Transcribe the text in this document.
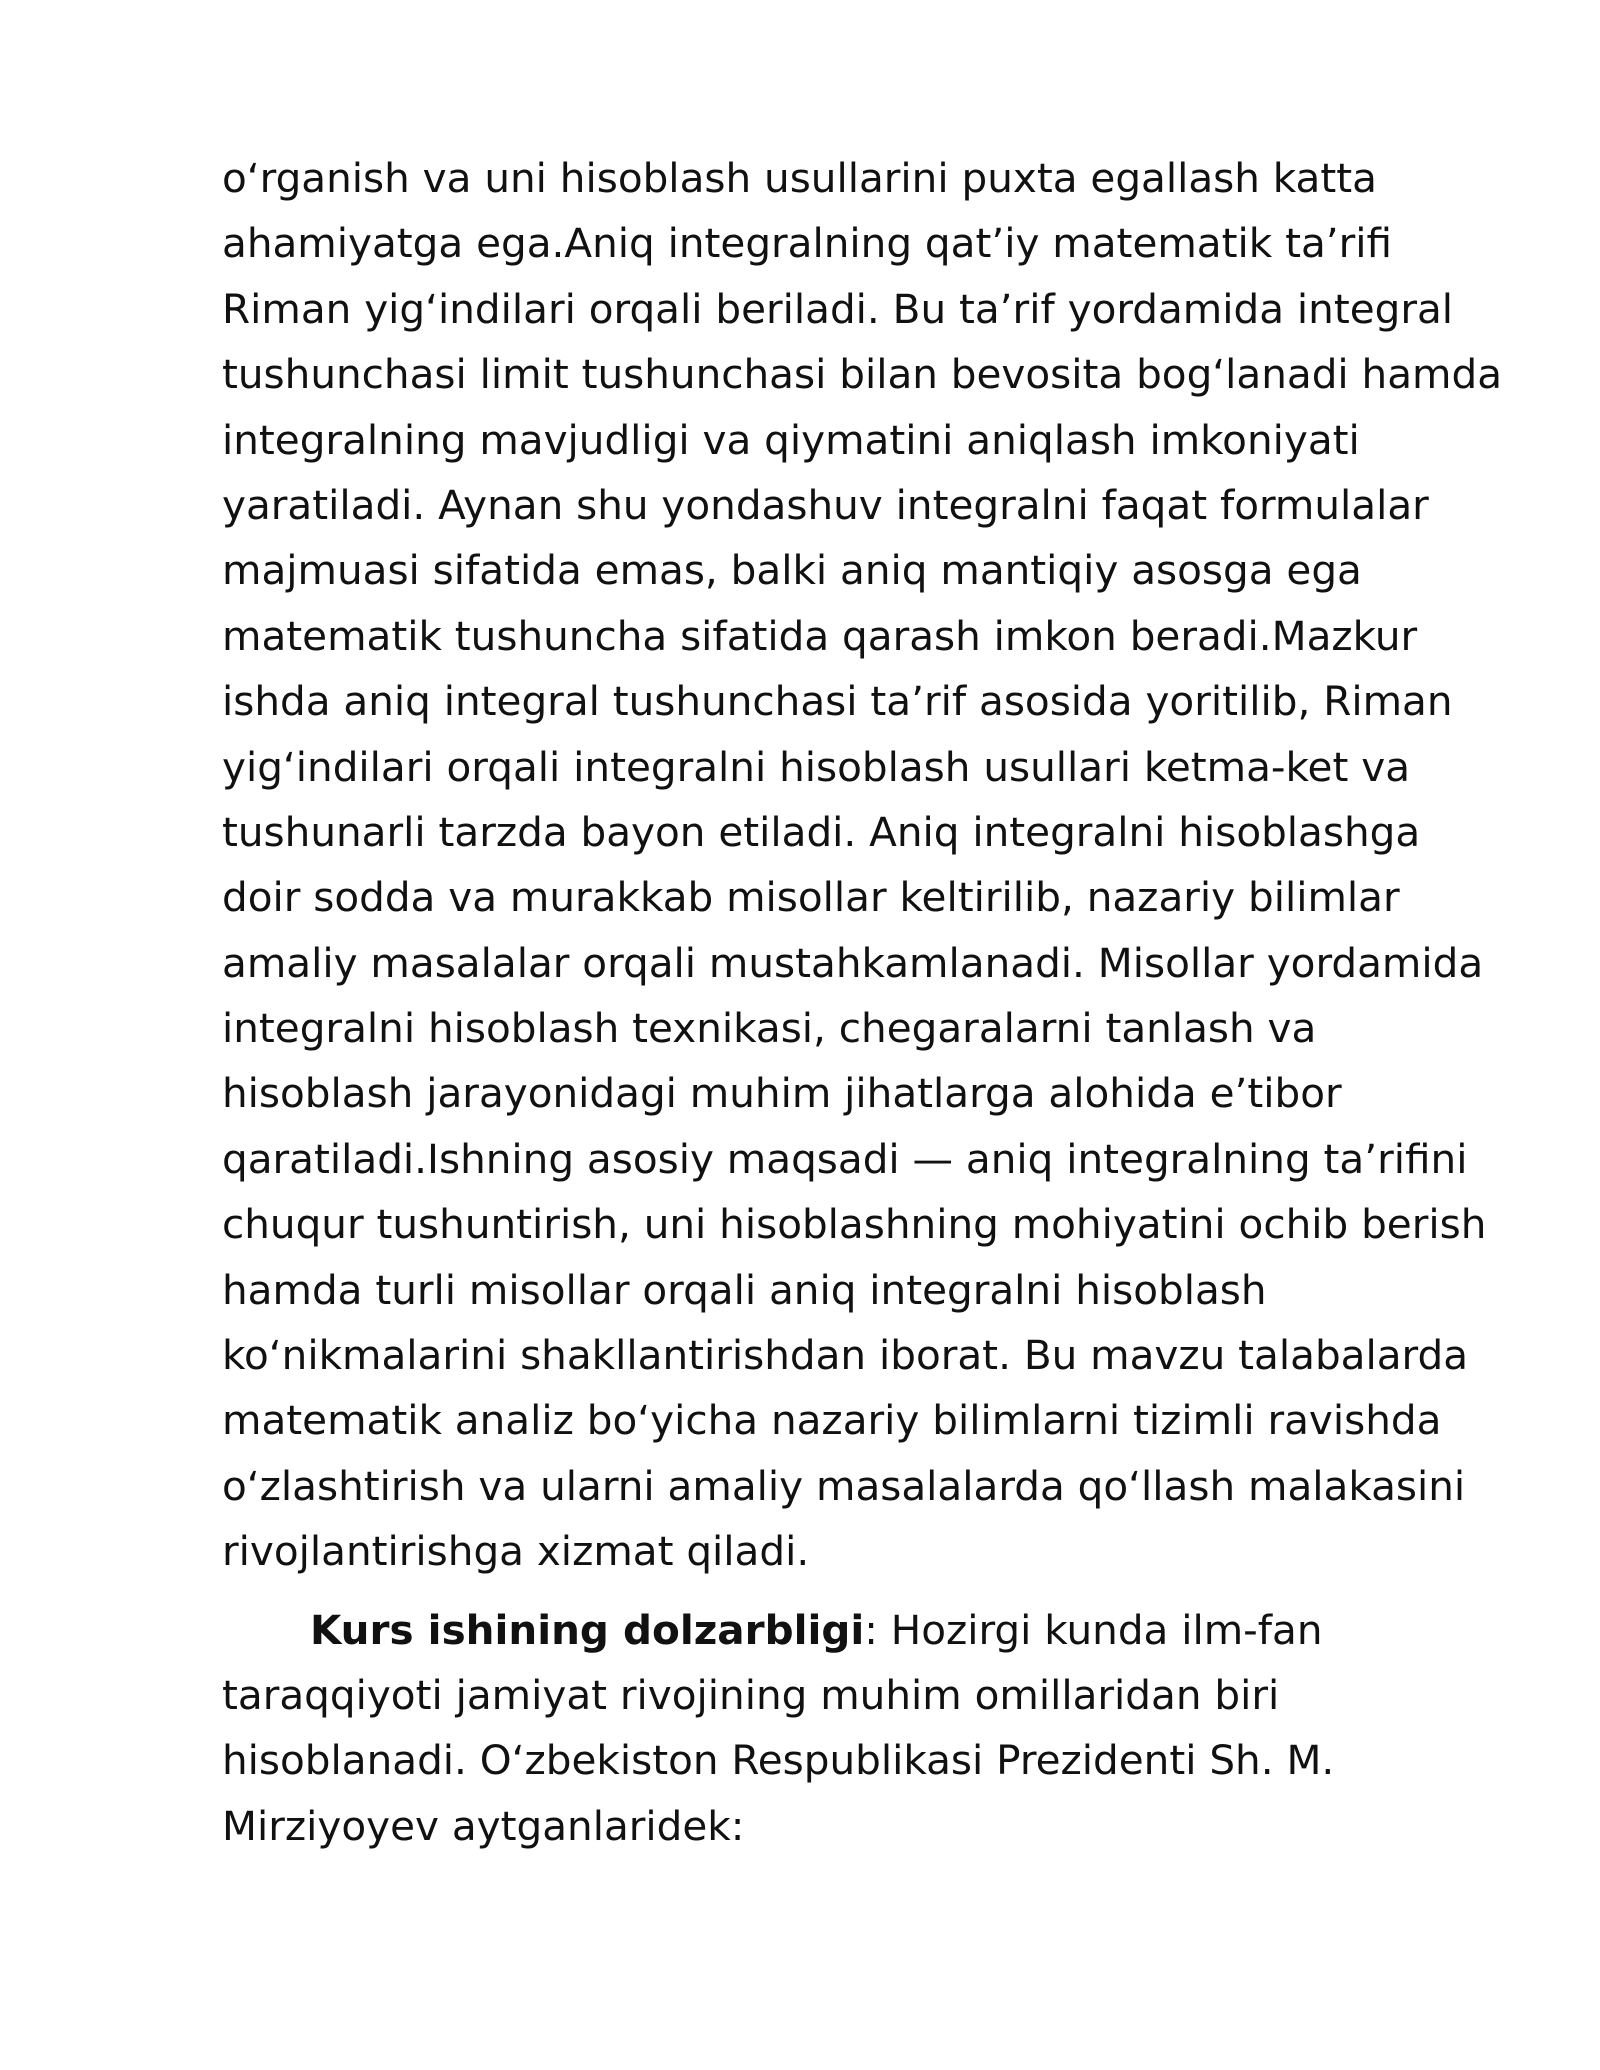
oʻrganish va uni hisoblash usullarini puxta egallash katta
ahamiyatga ega.Aniq integralning qatʼiy matematik taʼrifi
Riman yigʻindilari orqali beriladi. Bu taʼrif yordamida integral
tushunchasi limit tushunchasi bilan bevosita bogʻlanadi hamda
integralning mavjudligi va qiymatini aniqlash imkoniyati
yaratiladi. Aynan shu yondashuv integralni faqat formulalar
majmuasi sifatida emas, balki aniq mantiqiy asosga ega
matematik tushuncha sifatida qarash imkon beradi.Mazkur
ishda aniq integral tushunchasi taʼrif asosida yoritilib, Riman
yigʻindilari orqali integralni hisoblash usullari ketma-ket va
tushunarli tarzda bayon etiladi. Aniq integralni hisoblashga
doir sodda va murakkab misollar keltirilib, nazariy bilimlar
amaliy masalalar orqali mustahkamlanadi. Misollar yordamida
integralni hisoblash texnikasi, chegaralarni tanlash va
hisoblash jarayonidagi muhim jihatlarga alohida eʼtibor
qaratiladi.Ishning asosiy maqsadi — aniq integralning taʼrifini
chuqur tushuntirish, uni hisoblashning mohiyatini ochib berish
hamda turli misollar orqali aniq integralni hisoblash
koʻnikmalarini shakllantirishdan iborat. Bu mavzu talabalarda
matematik analiz boʻyicha nazariy bilimlarni tizimli ravishda
oʻzlashtirish va ularni amaliy masalalarda qoʻllash malakasini
rivojlantirishga xizmat qiladi.
Kurs ishining dolzarbligi: Hozirgi kunda ilm-fan
taraqqiyoti jamiyat rivojining muhim omillaridan biri
hisoblanadi. Oʻzbekiston Respublikasi Prezidenti Sh. M.
Mirziyoyev aytganlaridek:
